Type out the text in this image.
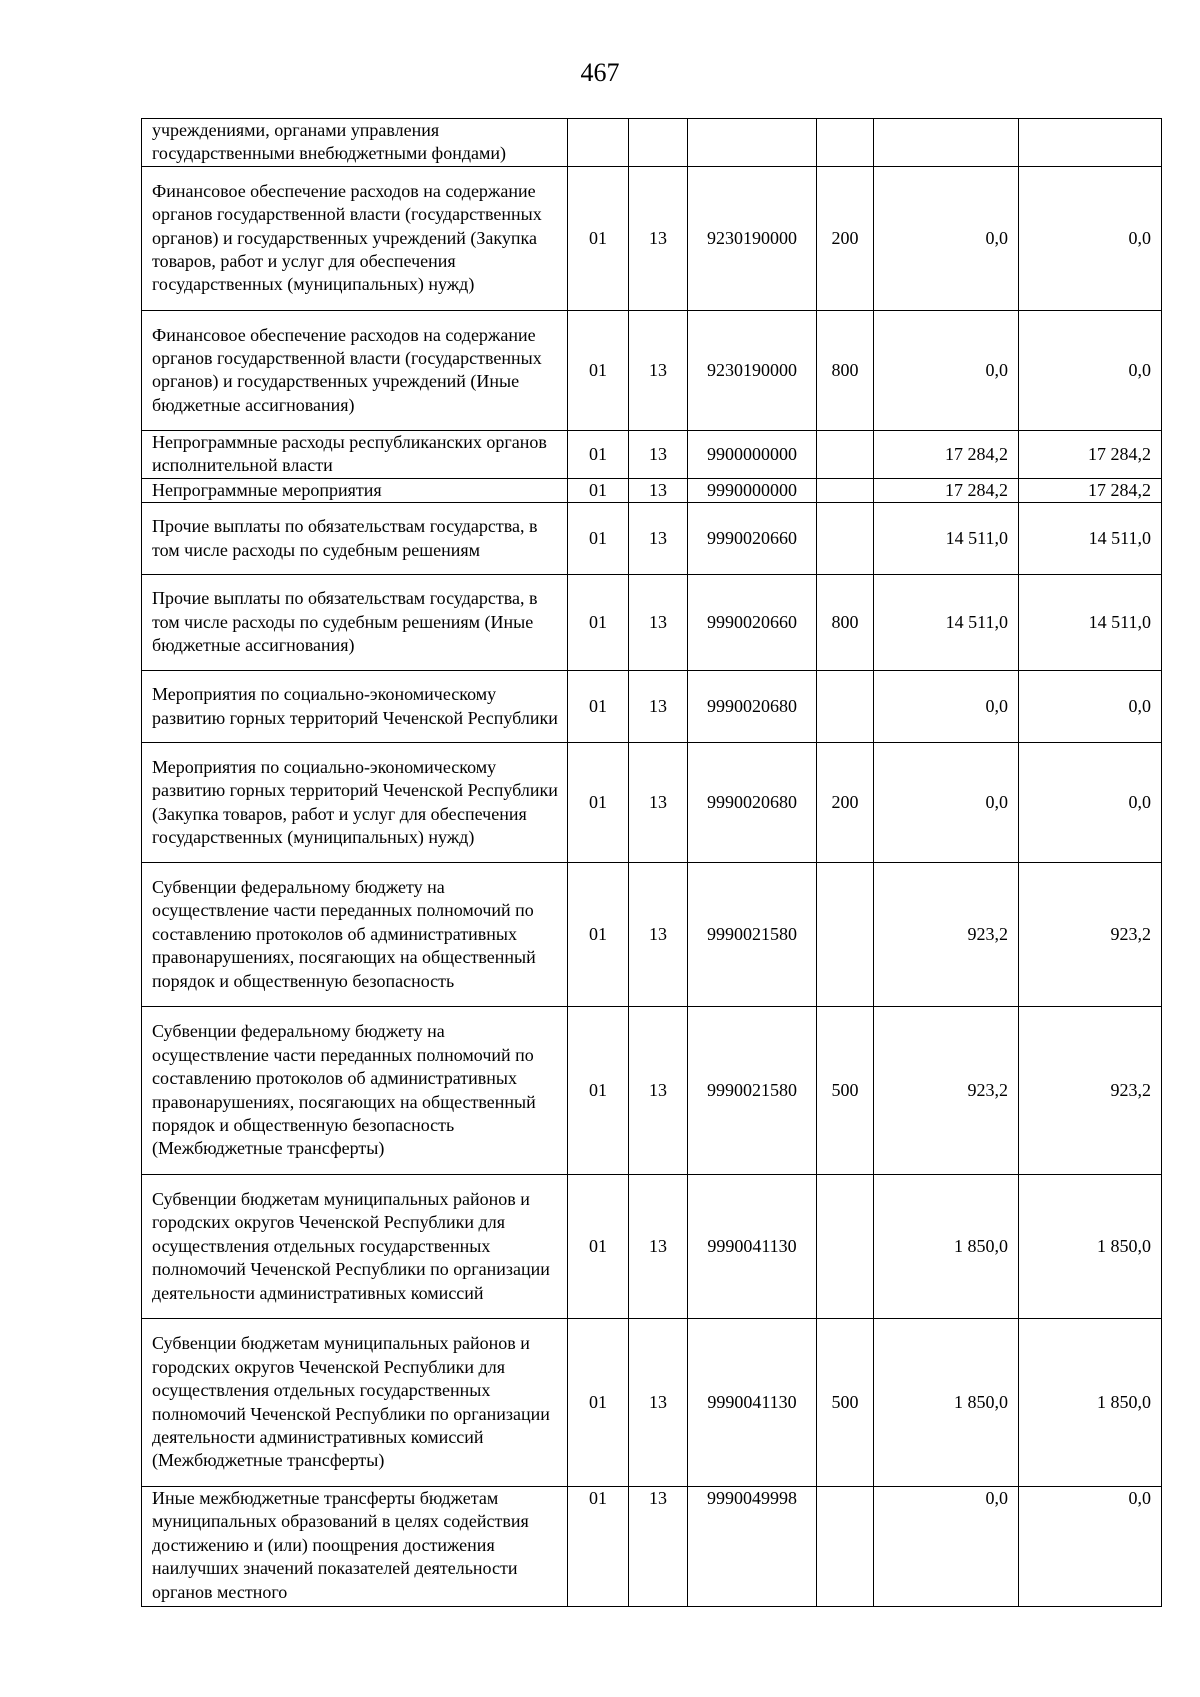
467
учреждениями, органами управления государственными внебюджетными фондами)						
Финансовое обеспечение расходов на содержание органов государственной власти (государственных органов) и государственных учреждений (Закупка товаров, работ и услуг для обеспечения государственных (муниципальных) нужд)	01	13	9230190000	200	0,0	0,0
Финансовое обеспечение расходов на содержание органов государственной власти (государственных органов) и государственных учреждений (Иные бюджетные ассигнования)	01	13	9230190000	800	0,0	0,0
Непрограммные расходы республиканских органов исполнительной власти	01	13	9900000000		17 284,2	17 284,2
Непрограммные мероприятия	01	13	9990000000		17 284,2	17 284,2
Прочие выплаты по обязательствам государства, в том числе расходы по судебным решениям	01	13	9990020660		14 511,0	14 511,0
Прочие выплаты по обязательствам государства, в том числе расходы по судебным решениям (Иные бюджетные ассигнования)	01	13	9990020660	800	14 511,0	14 511,0
Мероприятия по социально-экономическому развитию горных территорий Чеченской Республики	01	13	9990020680		0,0	0,0
Мероприятия по социально-экономическому развитию горных территорий Чеченской Республики (Закупка товаров, работ и услуг для обеспечения государственных (муниципальных) нужд)	01	13	9990020680	200	0,0	0,0
Субвенции федеральному бюджету на осуществление части переданных полномочий по составлению протоколов об административных правонарушениях, посягающих на общественный порядок и общественную безопасность	01	13	9990021580		923,2	923,2
Субвенции федеральному бюджету на осуществление части переданных полномочий по составлению протоколов об административных правонарушениях, посягающих на общественный порядок и общественную безопасность (Межбюджетные трансферты)	01	13	9990021580	500	923,2	923,2
Субвенции бюджетам муниципальных районов и городских округов Чеченской Республики для осуществления отдельных государственных полномочий Чеченской Республики по организации деятельности административных комиссий	01	13	9990041130		1 850,0	1 850,0
Субвенции бюджетам муниципальных районов и городских округов Чеченской Республики для осуществления отдельных государственных полномочий Чеченской Республики по организации деятельности административных комиссий (Межбюджетные трансферты)	01	13	9990041130	500	1 850,0	1 850,0
Иные межбюджетные трансферты бюджетам муниципальных образований в целях содействия достижению и (или) поощрения достижения наилучших значений показателей деятельности органов местного	01	13	9990049998		0,0	0,0
